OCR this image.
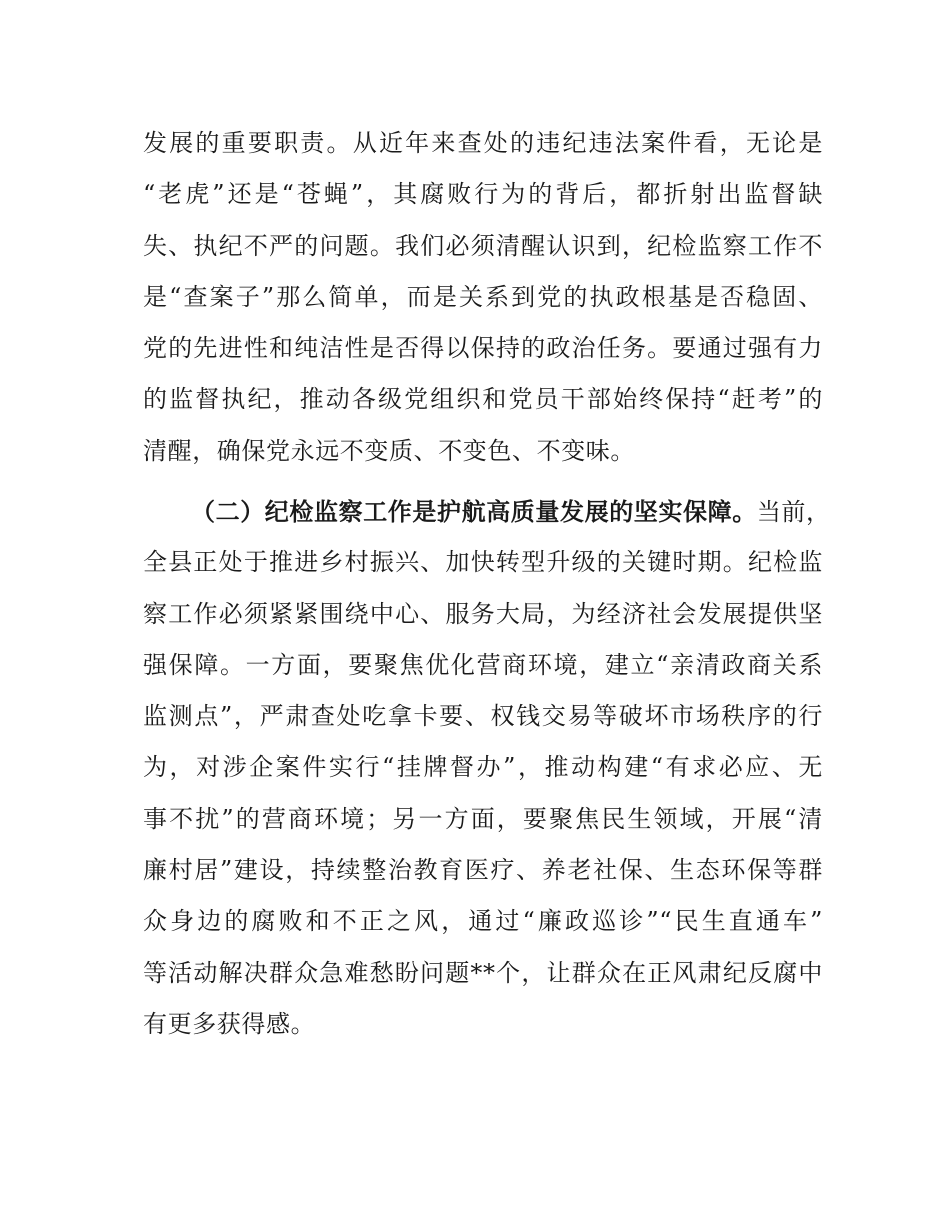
发展的重要职责。从近年来查处的违纪违法案件看，无论是
“老虎”还是“苍蝇”，其腐败行为的背后，都折射出监督缺
失、执纪不严的问题。我们必须清醒认识到，纪检监察工作不
是“查案子”那么简单，而是关系到党的执政根基是否稳固、
党的先进性和纯洁性是否得以保持的政治任务。要通过强有力
的监督执纪，推动各级党组织和党员干部始终保持“赶考”的
清醒，确保党永远不变质、不变色、不变味。
（二）纪检监察工作是护航高质量发展的坚实保障。当前，
全县正处于推进乡村振兴、加快转型升级的关键时期。纪检监
察工作必须紧紧围绕中心、服务大局，为经济社会发展提供坚
强保障。一方面，要聚焦优化营商环境，建立“亲清政商关系
监测点”，严肃查处吃拿卡要、权钱交易等破坏市场秩序的行
为，对涉企案件实行“挂牌督办”，推动构建“有求必应、无
事不扰”的营商环境；另一方面，要聚焦民生领域，开展“清
廉村居”建设，持续整治教育医疗、养老社保、生态环保等群
众身边的腐败和不正之风，通过“廉政巡诊”“民生直通车”
等活动解决群众急难愁盼问题**个，让群众在正风肃纪反腐中
有更多获得感。
